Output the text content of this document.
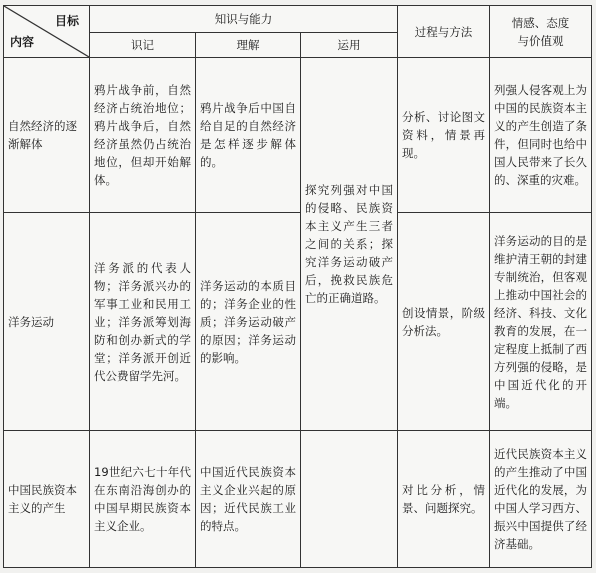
目标
内容	知识与能力			过程与方法	情感、态度
与价值观
	识记	理解	运用		
自然经济的逐渐解体	鸦片战争前，自然经济占统治地位；鸦片战争后，自然经济虽然仍占统治地位，但却开始解体。	鸦片战争后中国自给自足的自然经济是怎样逐步解体的。	探究列强对中国的侵略、民族资本主义产生三者之间的关系；探究洋务运动破产后，挽救民族危亡的正确道路。	分析、讨论图文资料，情景再现。	列强人侵客观上为中国的民族资本主义的产生创造了条件，但同时也给中国人民带来了长久的、深重的灾难。
洋务运动	洋务派的代表人物；洋务派兴办的军事工业和民用工业；洋务派筹划海防和创办新式的学堂；洋务派开创近代公费留学先河。	洋务运动的本质目的；洋务企业的性质；洋务运动破产的原因；洋务运动的影响。		创设情景，阶级分析法。	洋务运动的目的是维护清王朝的封建专制统治，但客观上推动中国社会的经济、科技、文化教育的发展，在一定程度上抵制了西方列强的侵略，是中国近代化的开端。
中国民族资本主义的产生	19世纪六七十年代在东南沿海创办的中国早期民族资本主义企业。	中国近代民族资本主义企业兴起的原因；近代民族工业的特点。		对比分析，情景、问题探究。	近代民族资本主义的产生推动了中国近代化的发展，为中国人学习西方、振兴中国提供了经济基础。
